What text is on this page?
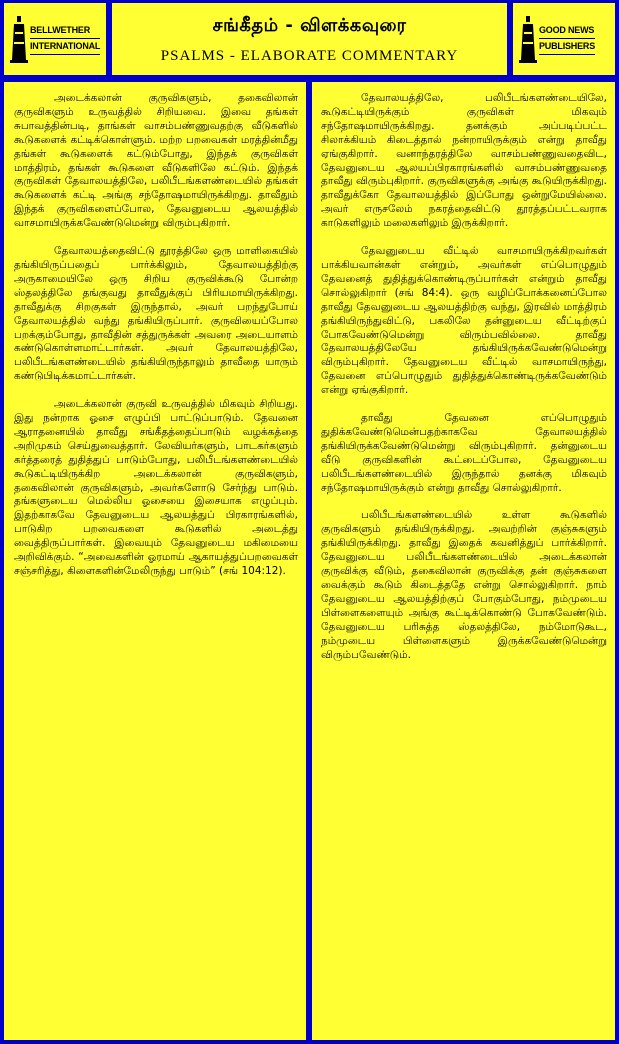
BELLWETHER
INTERNATIONAL
சங்கீதம் - விளக்கவுரை
PSALMS - ELABORATE COMMENTARY
GOOD NEWS
PUBLISHERS

அடைக்கலான் குருவிகளும், தகைவிலான் குருவிகளும் உருவத்தில் சிறியவை. இவை தங்கள் சுபாவத்தின்படி, தாங்கள் வாசம்பண்ணுவதற்கு வீடுகளில் கூடுகளைக் கட்டிக்கொள்ளும். மற்ற பறவைகள் மரத்தின்மீது தங்கள் கூடுகளைக் கட்டும்போது, இந்தக் குருவிகள் மாத்திரம், தங்கள் கூடுகளை வீடுகளிலே கட்டும். இந்தக் குருவிகள் தேவாலயத்திலே, பலிபீடங்களண்டையில் தங்கள் கூடுகளைக் கட்டி அங்கு சந்தோஷமாயிருக்கிறது. தாவீதும் இந்தக் குருவிகளைப்போல, தேவனுடைய ஆலயத்தில் வாசமாயிருக்கவேண்டுமென்று விரும்புகிறார்.

தேவாலயத்தைவிட்டு தூரத்திலே ஒரு மாளிகையில் தங்கியிருப்பதைப் பார்க்கிலும், தேவாலயத்திற்கு அருகாமையிலே ஒரு சிறிய குருவிக்கூடு போன்ற ஸ்தலத்திலே தங்குவது தாவீதுக்குப் பிரியமாயிருக்கிறது. தாவீதுக்கு சிறகுகள் இருந்தால், அவர் பறந்துபோய் தேவாலயத்தில் வந்து தங்கியிருப்பார். குருவியைப்போல பறக்கும்போது, தாவீதின் சத்துருக்கள் அவரை அடையாளம் கண்டுகொள்ளமாட்டார்கள். அவர் தேவாலயத்திலே, பலிபீடங்களண்டையில் தங்கியிருந்தாலும் தாவீதை யாரும் கண்டுபிடிக்கமாட்டார்கள்.

அடைக்கலான் குருவி உருவத்தில் மிகவும் சிறியது. இது நன்றாக ஓசை எழுப்பி பாட்டுப்பாடும். தேவனை ஆராதனையில் தாவீது சங்கீதத்தைப்பாடும் வழக்கத்தை அறிமுகம் செய்துவைத்தார். லேவியர்களும், பாடகர்களும் கர்த்தரைத் துதித்துப் பாடும்போது, பலிபீடங்களண்டையில் கூடுகட்டியிருக்கிற அடைக்கலான் குருவிகளும், தகைவிலான் குருவிகளும், அவர்களோடு சேர்ந்து பாடும். தங்களுடைய மெல்லிய ஓசையை இசையாக எழுப்பும். இதற்காகவே தேவனுடைய ஆலயத்துப் பிரகாரங்களில், பாடுகிற பறவைகளை கூடுகளில் அடைத்து வைத்திருப்பார்கள். இவையும் தேவனுடைய மகிமையை அறிவிக்கும். “அவைகளின் ஓரமாய் ஆகாயத்துப்பறவைகள் சஞ்சரித்து, கிளைகளின்மேலிருந்து பாடும்” (சங் 104:12).

தேவாலயத்திலே, பலிபீடங்களண்டையிலே, கூடுகட்டியிருக்கும் குருவிகள் மிகவும் சந்தோஷமாயிருக்கிறது. தனக்கும் அப்படிப்பட்ட சிலாக்கியம் கிடைத்தால் நன்றாயிருக்கும் என்று தாவீது ஏங்குகிறார். வனாந்தரத்திலே வாசம்பண்ணுவதைவிட, தேவனுடைய ஆலயப்பிரகாரங்களில் வாசம்பண்ணுவதை தாவீது விரும்புகிறார். குருவிகளுக்கு அங்கு கூடுயிருக்கிறது. தாவீதுக்கோ தேவாலயத்தில் இப்போது ஒன்றுமேயில்லை. அவர் எருசலேம் நகரத்தைவிட்டு தூரத்தப்பட்டவராக காடுகளிலும் மலைகளிலும் இருக்கிறார்.

தேவனுடைய வீட்டில் வாசமாயிருக்கிறவர்கள் பாக்கியவான்கள் என்றும், அவர்கள் எப்பொழுதும் தேவனைத் துதித்துக்கொண்டிருப்பார்கள் என்றும் தாவீது சொல்லுகிறார் (சங் 84:4). ஒரு வழிப்போக்கனைப்போல தாவீது தேவனுடைய ஆலயத்திற்கு வந்து, இரவில் மாத்திரம் தங்கியிருந்துவிட்டு, பகலிலே தன்னுடைய வீட்டிற்குப் போகவேண்டுமென்று விரும்பவில்லை. தாவீது தேவாலயத்திலேயே தங்கியிருக்கவேண்டுமென்று விரும்புகிறார். தேவனுடைய வீட்டில் வாசமாயிருந்து, தேவனை எப்பொழுதும் துதித்துக்கொண்டிருக்கவேண்டும் என்று ஏங்குகிறார்.

தாவீது தேவனை எப்பொழுதும் துதிக்கவேண்டுமென்பதற்காகவே தேவாலயத்தில் தங்கியிருக்கவேண்டுமென்று விரும்புகிறார். தன்னுடைய வீடு குருவிகளின் கூட்டைப்போல, தேவனுடைய பலிபீடங்களண்டையில் இருந்தால் தனக்கு மிகவும் சந்தோஷமாயிருக்கும் என்று தாவீது சொல்லுகிறார்.

பலிபீடங்களண்டையில் உள்ள கூடுகளில் குருவிகளும் தங்கியிருக்கிறது. அவற்றின் குஞ்சுகளும் தங்கியிருக்கிறது. தாவீது இதைக் கவனித்துப் பார்க்கிறார். தேவனுடைய பலிபீடங்களண்டையில் அடைக்கலான் குருவிக்கு வீடும், தகைவிலான் குருவிக்கு தன் குஞ்சுகளை வைக்கும் கூடும் கிடைத்ததே என்று சொல்லுகிறார். நாம் தேவனுடைய ஆலயத்திற்குப் போகும்போது, நம்முடைய பிள்ளைகளையும் அங்கு கூட்டிக்கொண்டு போகவேண்டும். தேவனுடைய பரிசுத்த ஸ்தலத்திலே, நம்மோடுகூட, நம்முடைய பிள்ளைகளும் இருக்கவேண்டுமென்று விரும்பவேண்டும்.
